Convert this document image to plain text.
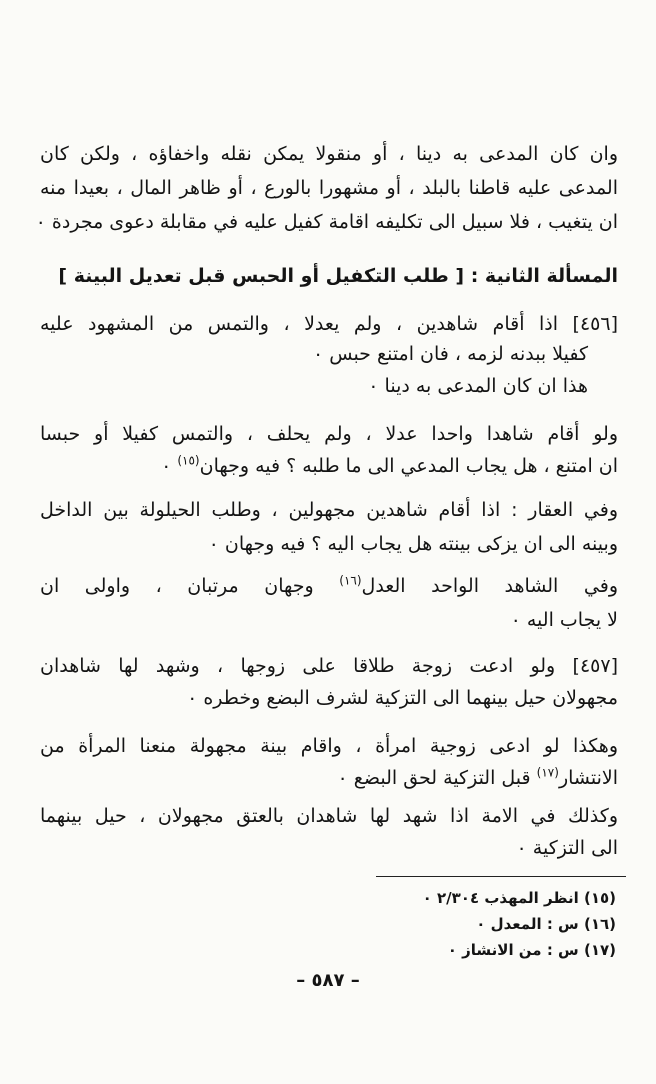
وان كان المدعى به دينا ، أو منقولا يمكن نقله واخفاؤه ، ولكن كان
المدعى عليه قاطنا بالبلد ، أو مشهورا بالورع ، أو ظاهر المال ، بعيدا منه
ان يتغيب ، فلا سبيل الى تكليفه اقامة كفيل عليه في مقابلة دعوى مجردة ٠
المسألة الثانية : [ طلب التكفيل أو الحبس قبل تعديل البينة ]
[٤٥٦] اذا أقام شاهدين ، ولم يعدلا ، والتمس من المشهود عليه
كفيلا ببدنه لزمه ، فان امتنع حبس ٠
هذا ان كان المدعى به دينا ٠
ولو أقام شاهدا واحدا عدلا ، ولم يحلف ، والتمس كفيلا أو حبسا
ان امتنع ، هل يجاب المدعي الى ما طلبه ؟ فيه وجهان$^{(١٥)}$ ٠
وفي العقار : اذا أقام شاهدين مجهولين ، وطلب الحيلولة بين الداخل
وبينه الى ان يزكى بينته هل يجاب اليه ؟ فيه وجهان ٠
وفي الشاهد الواحد العدل$^{(١٦)}$ وجهان مرتبان ، واولى ان
لا يجاب اليه ٠
[٤٥٧] ولو ادعت زوجة طلاقا على زوجها ، وشهد لها شاهدان
مجهولان حيل بينهما الى التزكية لشرف البضع وخطره ٠
وهكذا لو ادعى زوجية امرأة ، واقام بينة مجهولة منعنا المرأة من
الانتشار$^{(١٧)}$ قبل التزكية لحق البضع ٠
وكذلك في الامة اذا شهد لها شاهدان بالعتق مجهولان ، حيل بينهما
الى التزكية ٠
(١٥) انظر المهذب ٢/٣٠٤ ٠
(١٦) س : المعدل ٠
(١٧) س : من الانشاز ٠
– ٥٨٧ –
